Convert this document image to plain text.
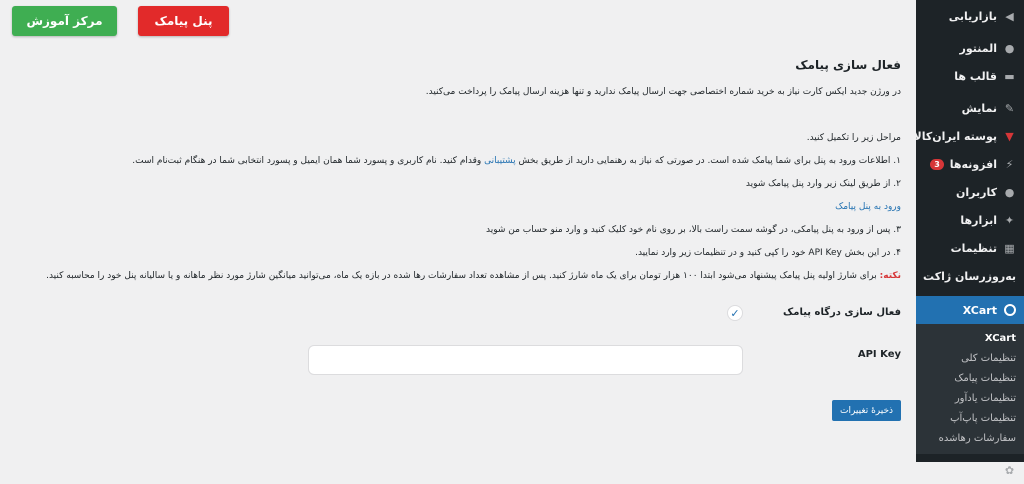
پنل پیامک
مرکز آموزش
فعال سازی پیامک
در ورژن جدید ایکس کارت نیاز به خرید شماره اختصاصی جهت ارسال پیامک ندارید و تنها هزینه ارسال پیامک را پرداخت می‌کنید.
مراحل زیر را تکمیل کنید.
۱. اطلاعات ورود به پنل برای شما پیامک شده است. در صورتی که نیاز به رهنمایی دارید از طریق بخش پشتیبانی وقدام کنید. نام کاربری و پسورد شما همان ایمیل و پسورد انتخابی شما در هنگام ثبت‌نام است.
۲. از طریق لینک زیر وارد پنل پیامک شوید
ورود به پنل پیامک
۳. پس از ورود به پنل پیامکی، در گوشه سمت راست بالا، بر روی نام خود کلیک کنید و وارد منو حساب من شوید
۴. در این بخش API Key خود را کپی کنید و در تنظیمات زیر وارد نمایید.
نکته: برای شارژ اولیه پنل پیامک پیشنهاد می‌شود ابتدا ۱۰۰ هزار تومان برای یک ماه شارژ کنید. پس از مشاهده تعداد سفارشات رها شده در بازه یک ماه، می‌توانید میانگین شارژ مورد نظر ماهانه و یا سالیانه پنل خود را محاسبه کنید.
فعال سازی درگاه پیامک
✓
API Key
ذخیرهٔ تغییرات
◀
بازاریابی
●
المنتور
▬
قالب ها
✎
نمایش
▼
پوسته ایران‌کالا
⚡
افزونه‌ها
3
●
کاربران
✦
ابزارها
▦
تنظیمات
به‌روزرسان ژاکت
XCart
XCart
تنظیمات کلی
تنظیمات پیامک
تنظیمات یادآور
تنظیمات پاپ‌آپ
سفارشات رهاشده
✿
Duplicator
